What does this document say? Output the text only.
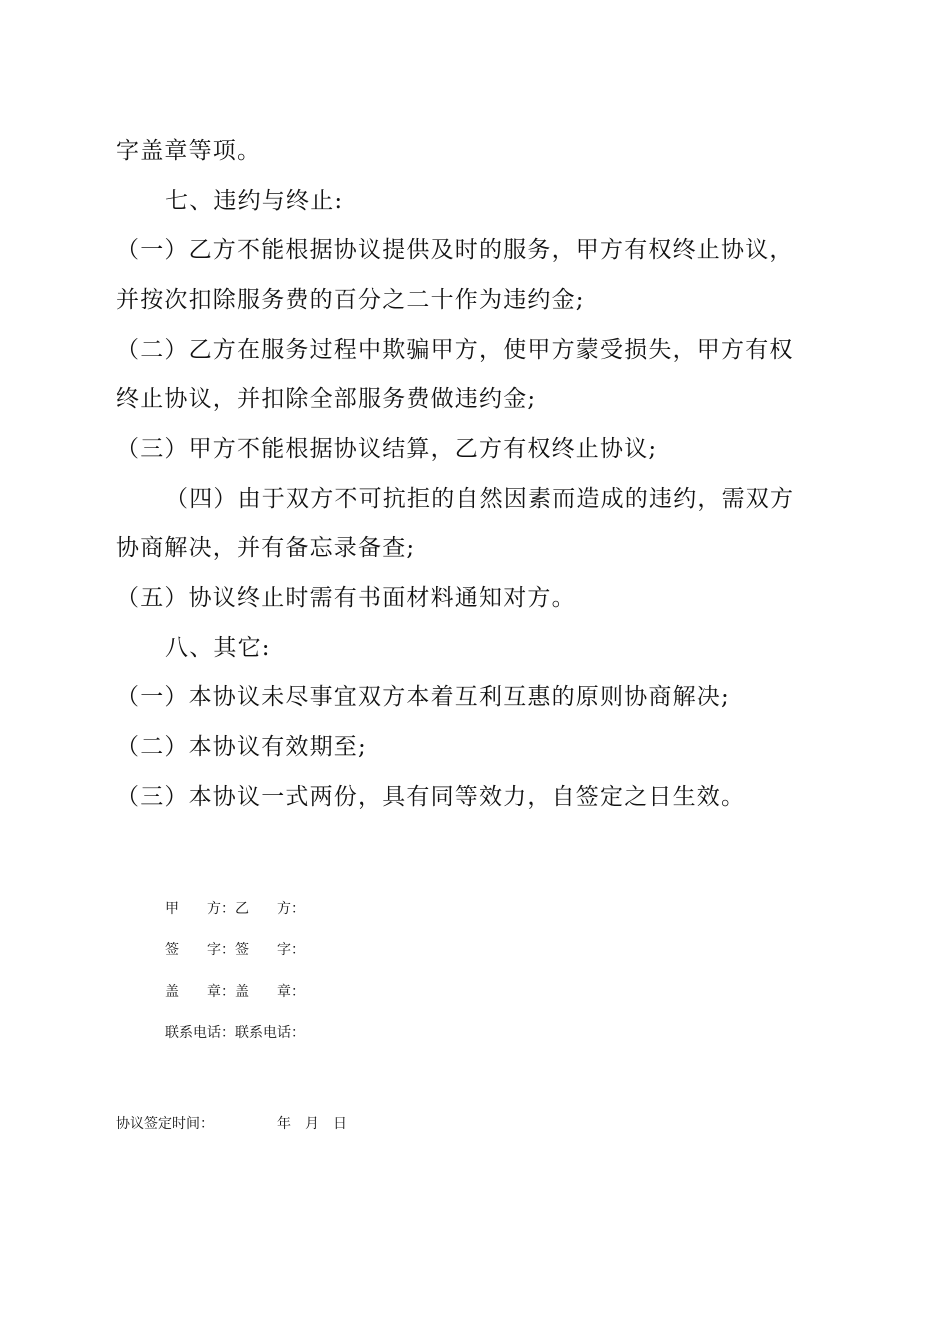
字盖章等项。
七、违约与终止:
（一）乙方不能根据协议提供及时的服务，甲方有权终止协议，
并按次扣除服务费的百分之二十作为违约金;
（二）乙方在服务过程中欺骗甲方，使甲方蒙受损失，甲方有权
终止协议，并扣除全部服务费做违约金;
（三）甲方不能根据协议结算，乙方有权终止协议;
（四）由于双方不可抗拒的自然因素而造成的违约，需双方
协商解决，并有备忘录备查;
（五）协议终止时需有书面材料通知对方。
八、其它:
（一）本协议未尽事宜双方本着互利互惠的原则协商解决;
（二）本协议有效期至;
（三）本协议一式两份，具有同等效力，自签定之日生效。
甲　　方：乙　　方：
签　　字：签　　字：
盖　　章：盖　　章：
联系电话：联系电话：
协议签定时间：　　　　　年　月　日
